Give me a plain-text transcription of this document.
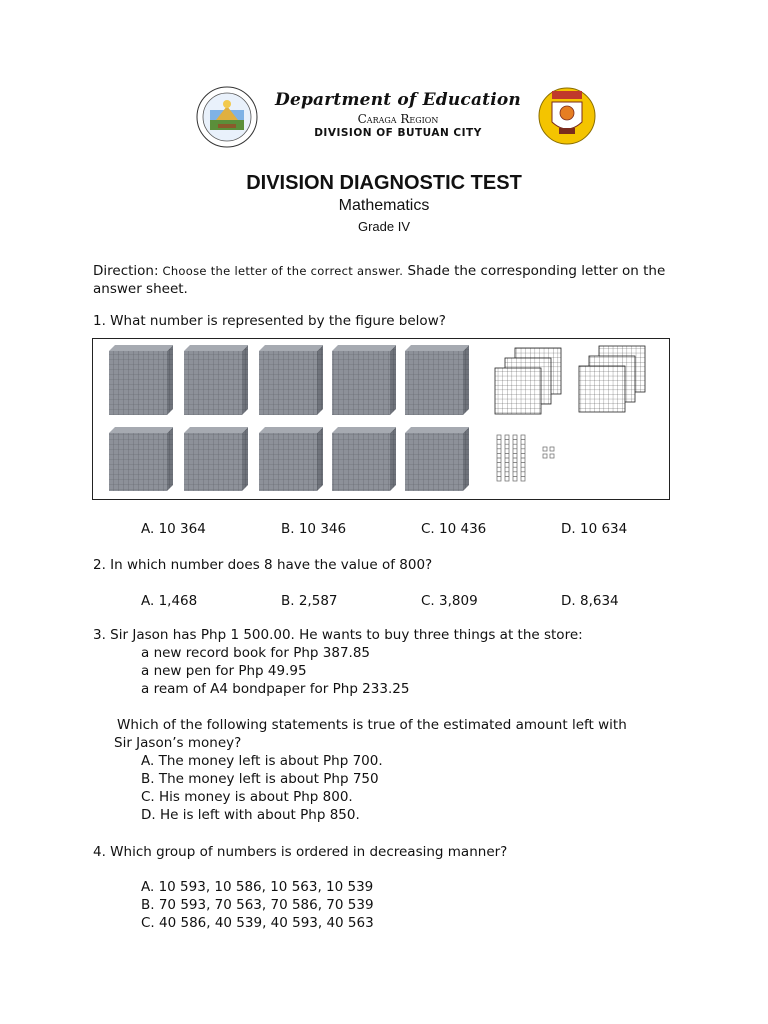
Department of Education
Caraga Region
DIVISION OF BUTUAN CITY
DIVISION DIAGNOSTIC TEST
Mathematics
Grade IV
Direction: Choose the letter of the correct answer. Shade the corresponding letter on the answer sheet.
1. What number is represented by the figure below?
A. 10 364	B. 10 346	C. 10 436	D. 10 634
2. In which number does 8 have the value of 800?
A. 1,468	B. 2,587	C. 3,809	D. 8,634
3. Sir Jason has Php 1 500.00. He wants to buy three things at the store:
a new record book for Php 387.85
a new pen for Php 49.95
a ream of A4 bondpaper for Php 233.25
Which of the following statements is true of the estimated amount left with
Sir Jason’s money?
A. The money left is about Php 700.
B. The money left is about Php 750
C. His money is about Php 800.
D. He is left with about Php 850.
4. Which group of numbers is ordered in decreasing manner?
A. 10 593, 10 586, 10 563, 10 539
B. 70 593, 70 563, 70 586, 70 539
C. 40 586, 40 539, 40 593, 40 563
